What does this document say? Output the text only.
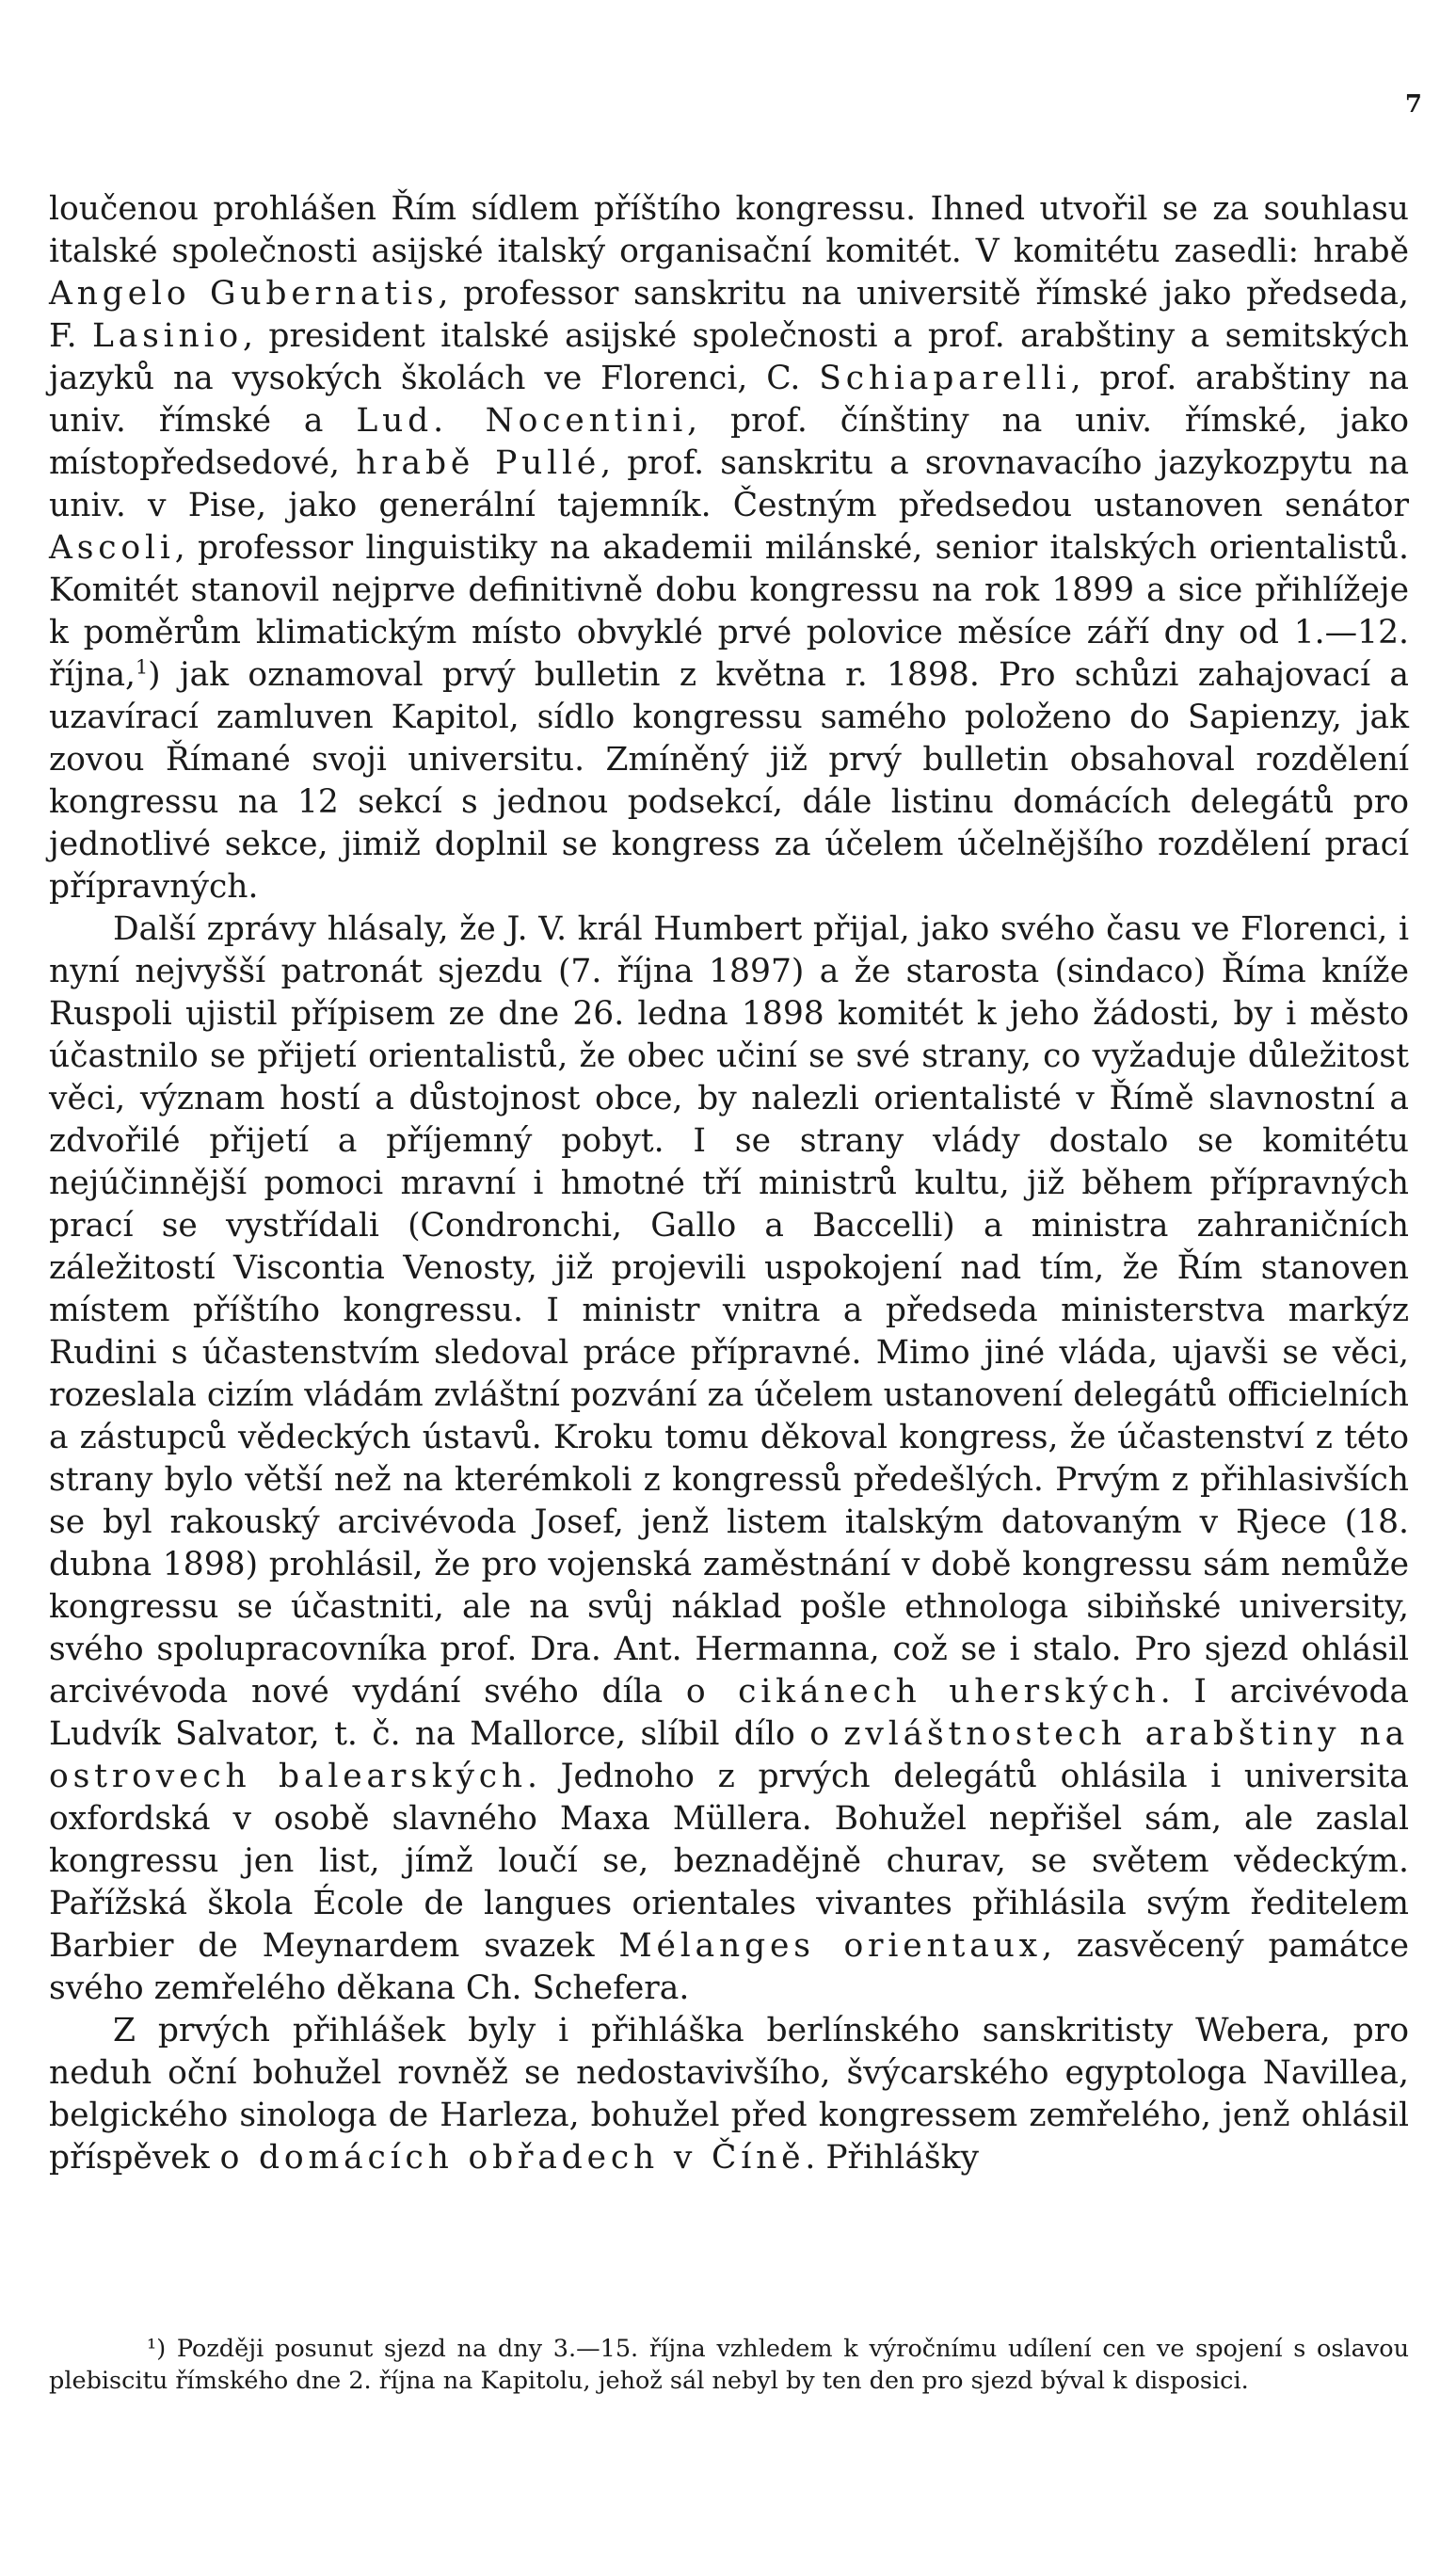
7

loučenou prohlášen Řím sídlem příštího kongressu. Ihned utvořil se za souhlasu italské společnosti asijské italský organisační komitét. V komitétu zasedli: hrabě Angelo Gubernatis, professor sanskritu na universitě římské jako předseda, F. Lasinio, president italské asijské společnosti a prof. arabštiny a semitských jazyků na vysokých školách ve Florenci, C. Schiaparelli, prof. arabštiny na univ. římské a Lud. Nocentini, prof. čínštiny na univ. římské, jako místopředsedové, hrabě Pullé, prof. sanskritu a srovnavacího jazykozpytu na univ. v Pise, jako generální tajemník. Čestným předsedou ustanoven senátor Ascoli, professor linguistiky na akademii milánské, senior italských orientalistů. Komitét stanovil nejprve definitivně dobu kongressu na rok 1899 a sice přihlížeje k poměrům klimatickým místo obvyklé prvé polovice měsíce září dny od 1.—12. října,$^1$) jak oznamoval prvý bulletin z května r. 1898. Pro schůzi zahajovací a uzavírací zamluven Kapitol, sídlo kongressu samého položeno do Sapienzy, jak zovou Římané svoji universitu. Zmíněný již prvý bulletin obsahoval rozdělení kongressu na 12 sekcí s jednou podsekcí, dále listinu domácích delegátů pro jednotlivé sekce, jimiž doplnil se kongress za účelem účelnějšího rozdělení prací přípravných.

Další zprávy hlásaly, že J. V. král Humbert přijal, jako svého času ve Florenci, i nyní nejvyšší patronát sjezdu (7. října 1897) a že starosta (sindaco) Říma kníže Ruspoli ujistil přípisem ze dne 26. ledna 1898 komitét k jeho žádosti, by i město účastnilo se přijetí orientalistů, že obec učiní se své strany, co vyžaduje důležitost věci, význam hostí a důstojnost obce, by nalezli orientalisté v Římě slavnostní a zdvořilé přijetí a příjemný pobyt. I se strany vlády dostalo se komitétu nejúčinnější pomoci mravní i hmotné tří ministrů kultu, již během přípravných prací se vystřídali (Condronchi, Gallo a Baccelli) a ministra zahraničních záležitostí Viscontia Venosty, již projevili uspokojení nad tím, že Řím stanoven místem příštího kongressu. I ministr vnitra a předseda ministerstva markýz Rudini s účastenstvím sledoval práce přípravné. Mimo jiné vláda, ujavši se věci, rozeslala cizím vládám zvláštní pozvání za účelem ustanovení delegátů officielních a zástupců vědeckých ústavů. Kroku tomu děkoval kongress, že účastenství z této strany bylo větší než na kterémkoli z kongressů předešlých. Prvým z přihlasivších se byl rakouský arcivévoda Josef, jenž listem italským datovaným v Rjece (18. dubna 1898) prohlásil, že pro vojenská zaměstnání v době kongressu sám nemůže kongressu se účastniti, ale na svůj náklad pošle ethnologa sibiňské university, svého spolupracovníka prof. Dra. Ant. Hermanna, což se i stalo. Pro sjezd ohlásil arcivévoda nové vydání svého díla o cikánech uherských. I arcivévoda Ludvík Salvator, t. č. na Mallorce, slíbil dílo o zvláštnostech arabštiny na ostrovech balearských. Jednoho z prvých delegátů ohlásila i universita oxfordská v osobě slavného Maxa Müllera. Bohužel nepřišel sám, ale zaslal kongressu jen list, jímž loučí se, beznadějně churav, se světem vědeckým. Pařížská škola École de langues orientales vivantes přihlásila svým ředitelem Barbier de Meynardem svazek Mélanges orientaux, zasvěcený památce svého zemřelého děkana Ch. Schefera.

Z prvých přihlášek byly i přihláška berlínského sanskritisty Webera, pro neduh oční bohužel rovněž se nedostavivšího, švýcarského egyptologa Navillea, belgického sinologa de Harleza, bohužel před kongressem zemřelého, jenž ohlásil příspěvek o domácích obřadech v Číně. Přihlášky

¹) Později posunut sjezd na dny 3.—15. října vzhledem k výročnímu udílení cen ve spojení s oslavou plebiscitu římského dne 2. října na Kapitolu, jehož sál nebyl by ten den pro sjezd býval k disposici.
